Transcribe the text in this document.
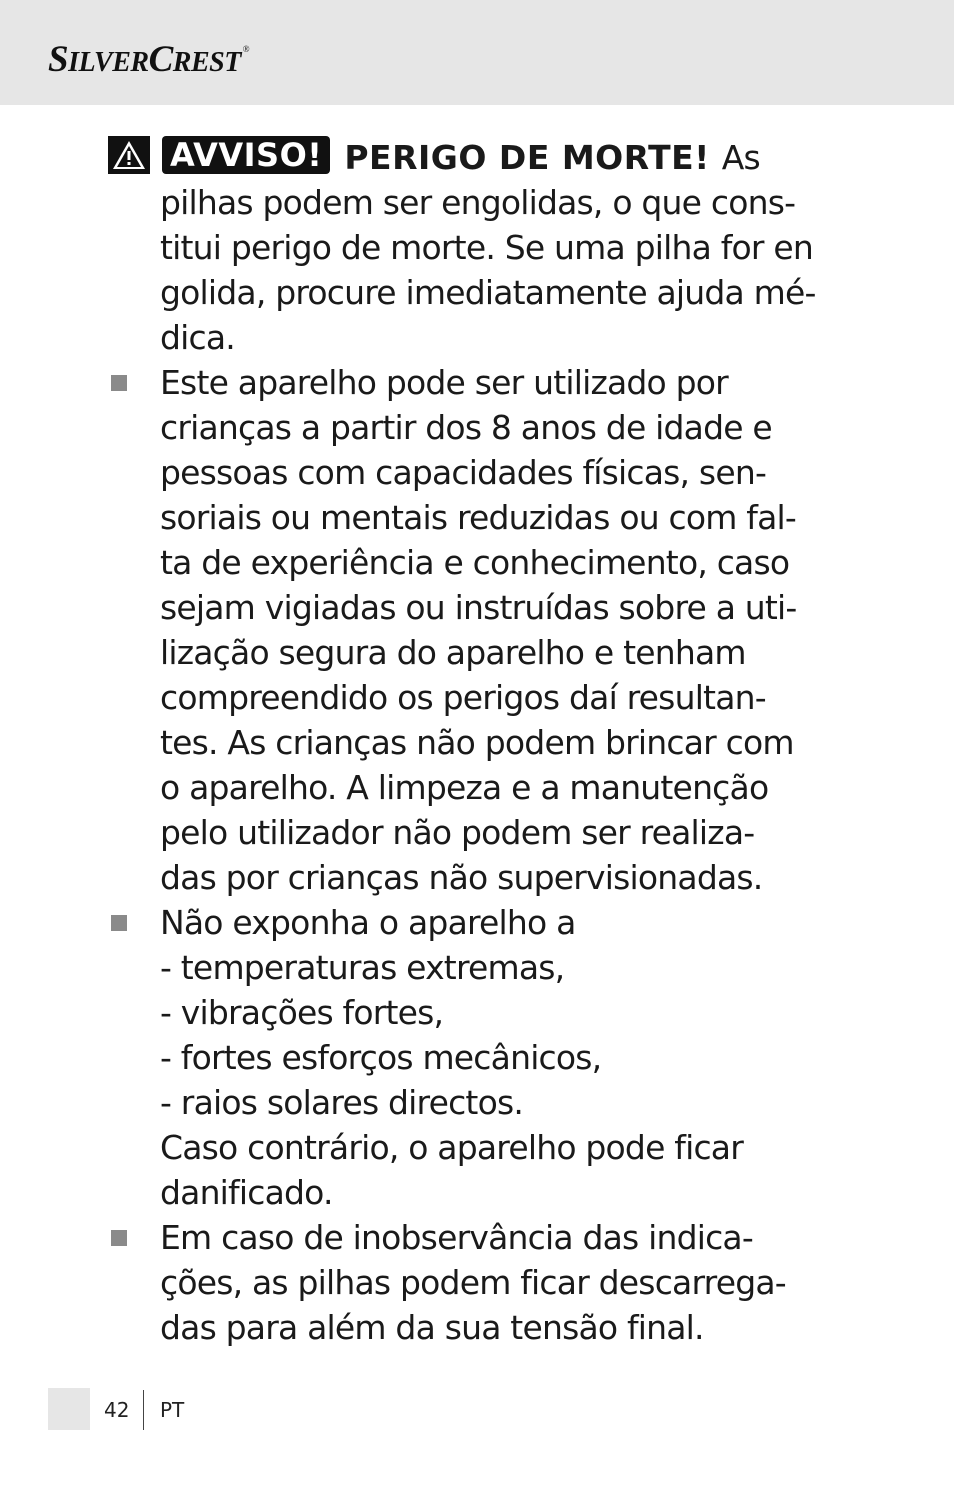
SILVERCREST ®
AVVISO! PERIGO DE MORTE! As
pilhas podem ser engolidas, o que cons-
titui perigo de morte. Se uma pilha for en
golida, procure imediatamente ajuda mé-
dica.
Este aparelho pode ser utilizado por
crianças a partir dos 8 anos de idade e
pessoas com capacidades físicas, sen-
soriais ou mentais reduzidas ou com fal-
ta de experiência e conhecimento, caso
sejam vigiadas ou instruídas sobre a uti-
lização segura do aparelho e tenham
compreendido os perigos daí resultan-
tes. As crianças não podem brincar com
o aparelho. A limpeza e a manutenção
pelo utilizador não podem ser realiza-
das por crianças não supervisionadas.
Não exponha o aparelho a
- temperaturas extremas,
- vibrações fortes,
- fortes esforços mecânicos,
- raios solares directos.
Caso contrário, o aparelho pode ficar
danificado.
Em caso de inobservância das indica-
ções, as pilhas podem ficar descarrega-
das para além da sua tensão final.
42 PT
